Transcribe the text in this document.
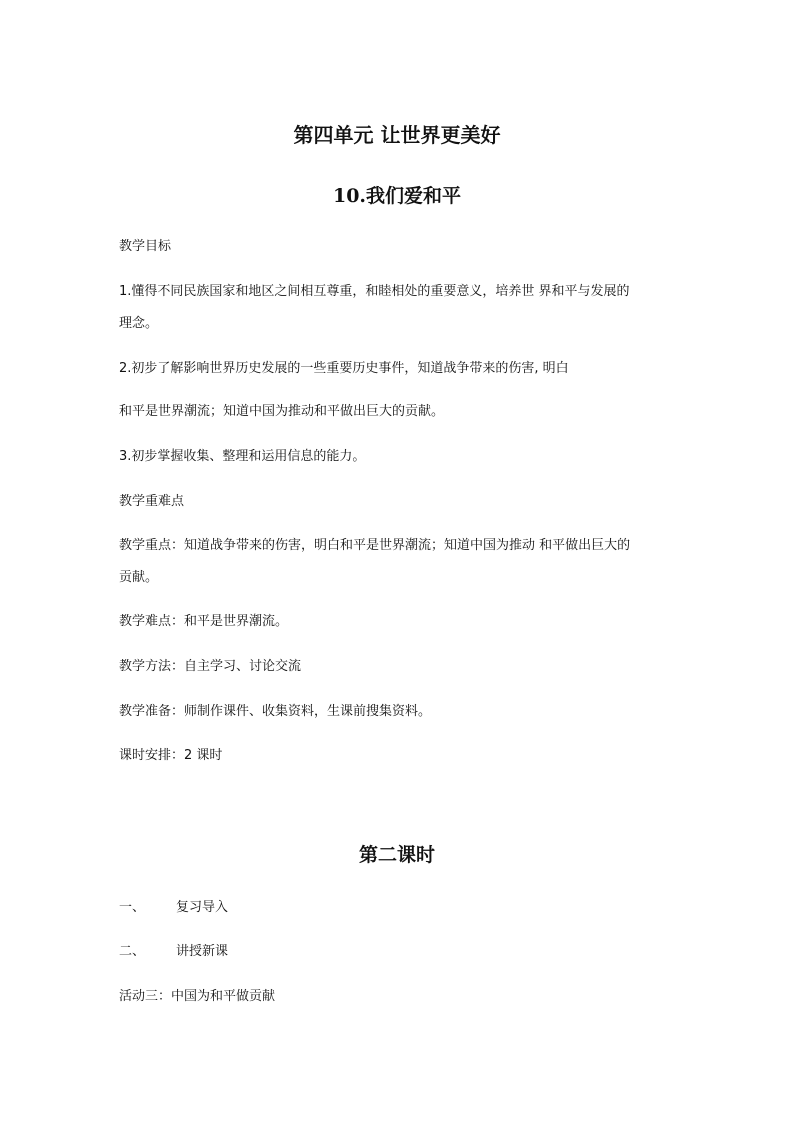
第四单元 让世界更美好
10.我们爱和平
教学目标
1.懂得不同民族国家和地区之间相互尊重，和睦相处的重要意义，培养世 界和平与发展的
理念。
2.初步了解影响世界历史发展的一些重要历史事件，知道战争带来的伤害, 明白
和平是世界潮流；知道中国为推动和平做出巨大的贡献。
3.初步掌握收集、整理和运用信息的能力。
教学重难点
教学重点：知道战争带来的伤害，明白和平是世界潮流；知道中国为推动 和平做出巨大的
贡献。
教学难点：和平是世界潮流。
教学方法：自主学习、讨论交流
教学准备：师制作课件、收集资料，生课前搜集资料。
课时安排：2 课时
第二课时
一、 复习导入
二、 讲授新课
活动三：中国为和平做贡献
